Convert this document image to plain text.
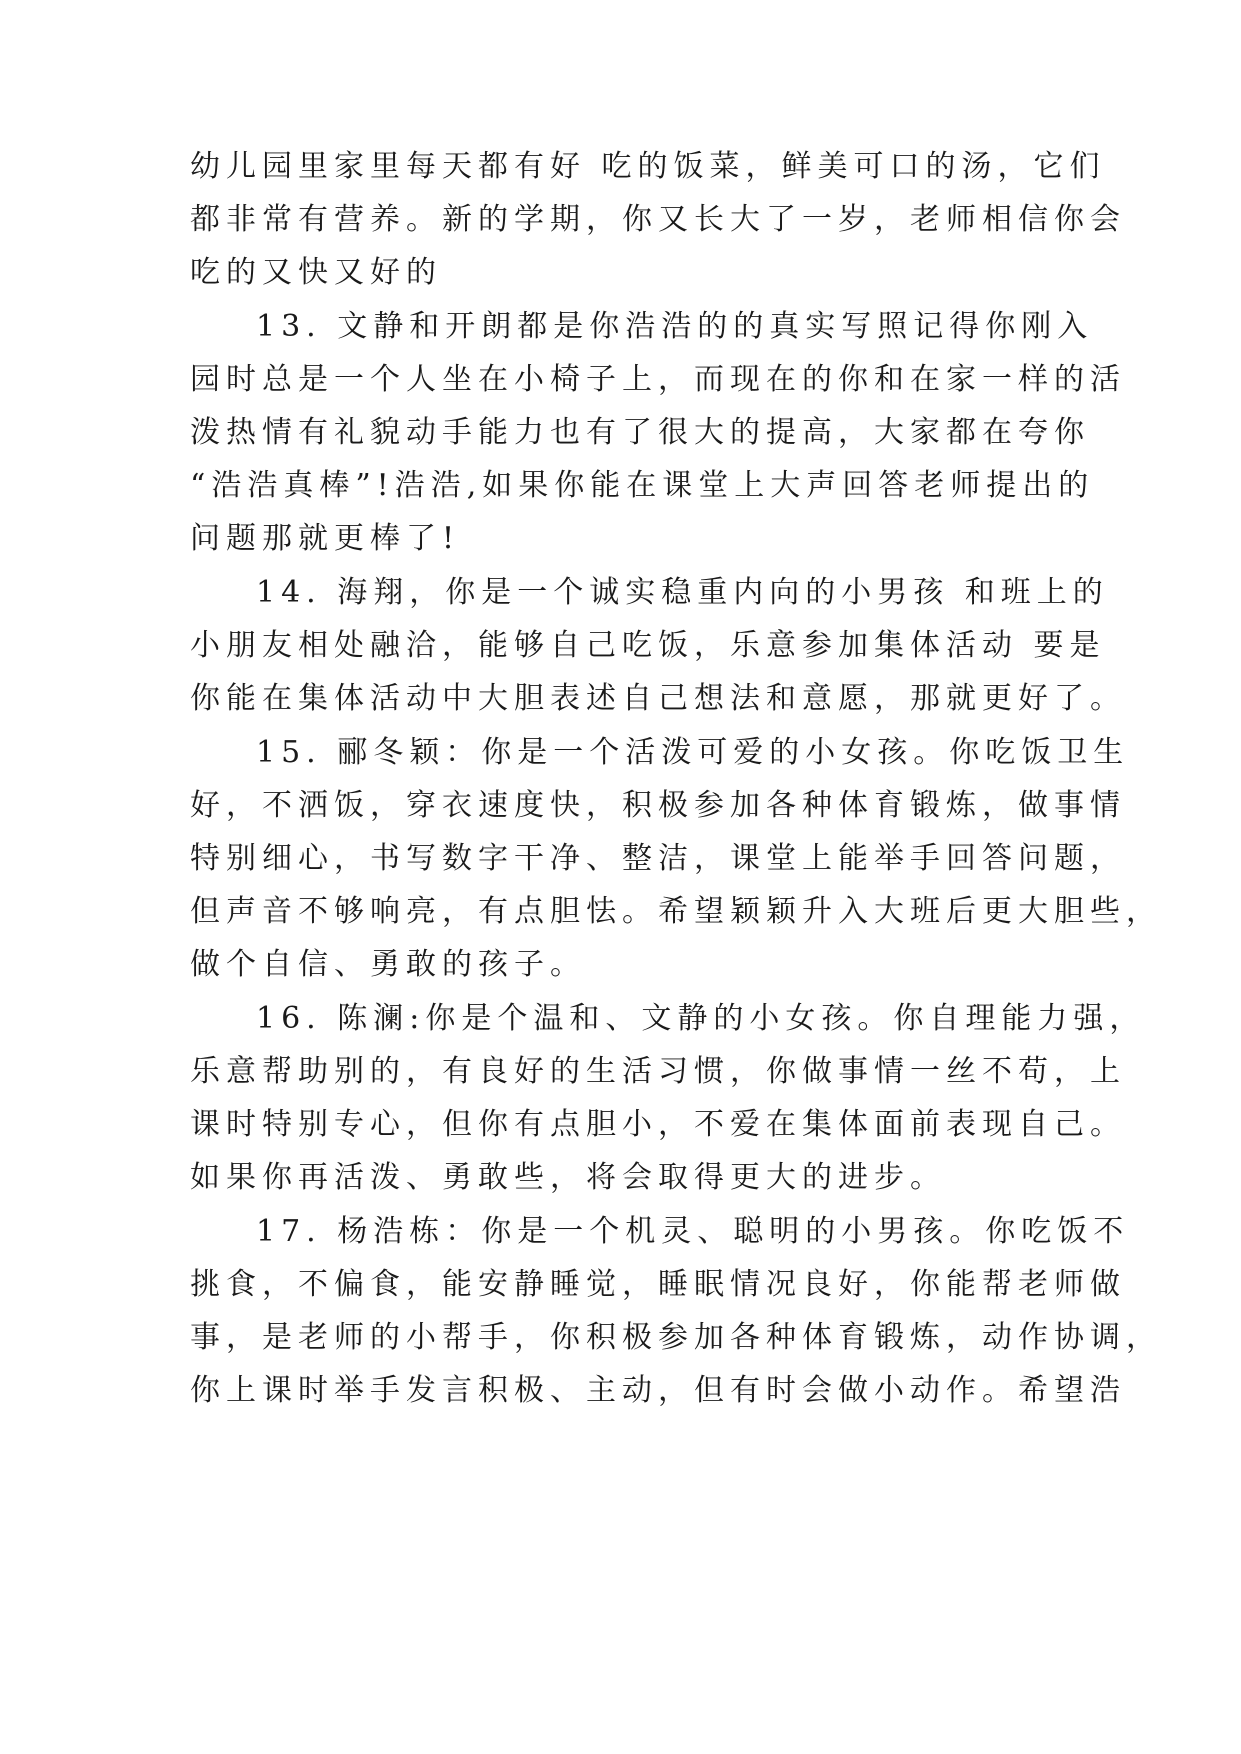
幼儿园里家里每天都有好 吃的饭菜，鲜美可口的汤，它们
都非常有营养。新的学期，你又长大了一岁，老师相信你会
吃的又快又好的
13. 文静和开朗都是你浩浩的的真实写照记得你刚入
园时总是一个人坐在小椅子上，而现在的你和在家一样的活
泼热情有礼貌动手能力也有了很大的提高，大家都在夸你
“浩浩真棒”!浩浩,如果你能在课堂上大声回答老师提出的
问题那就更棒了!
14. 海翔，你是一个诚实稳重内向的小男孩 和班上的
小朋友相处融洽，能够自己吃饭，乐意参加集体活动 要是
你能在集体活动中大胆表述自己想法和意愿，那就更好了。
15. 郦冬颖：你是一个活泼可爱的小女孩。你吃饭卫生
好，不洒饭，穿衣速度快，积极参加各种体育锻炼，做事情
特别细心，书写数字干净、整洁，课堂上能举手回答问题，
但声音不够响亮，有点胆怯。希望颖颖升入大班后更大胆些，
做个自信、勇敢的孩子。
16. 陈澜:你是个温和、文静的小女孩。你自理能力强，
乐意帮助别的，有良好的生活习惯，你做事情一丝不苟，上
课时特别专心，但你有点胆小，不爱在集体面前表现自己。
如果你再活泼、勇敢些，将会取得更大的进步。
17. 杨浩栋：你是一个机灵、聪明的小男孩。你吃饭不
挑食，不偏食，能安静睡觉，睡眠情况良好，你能帮老师做
事，是老师的小帮手，你积极参加各种体育锻炼，动作协调，
你上课时举手发言积极、主动，但有时会做小动作。希望浩
